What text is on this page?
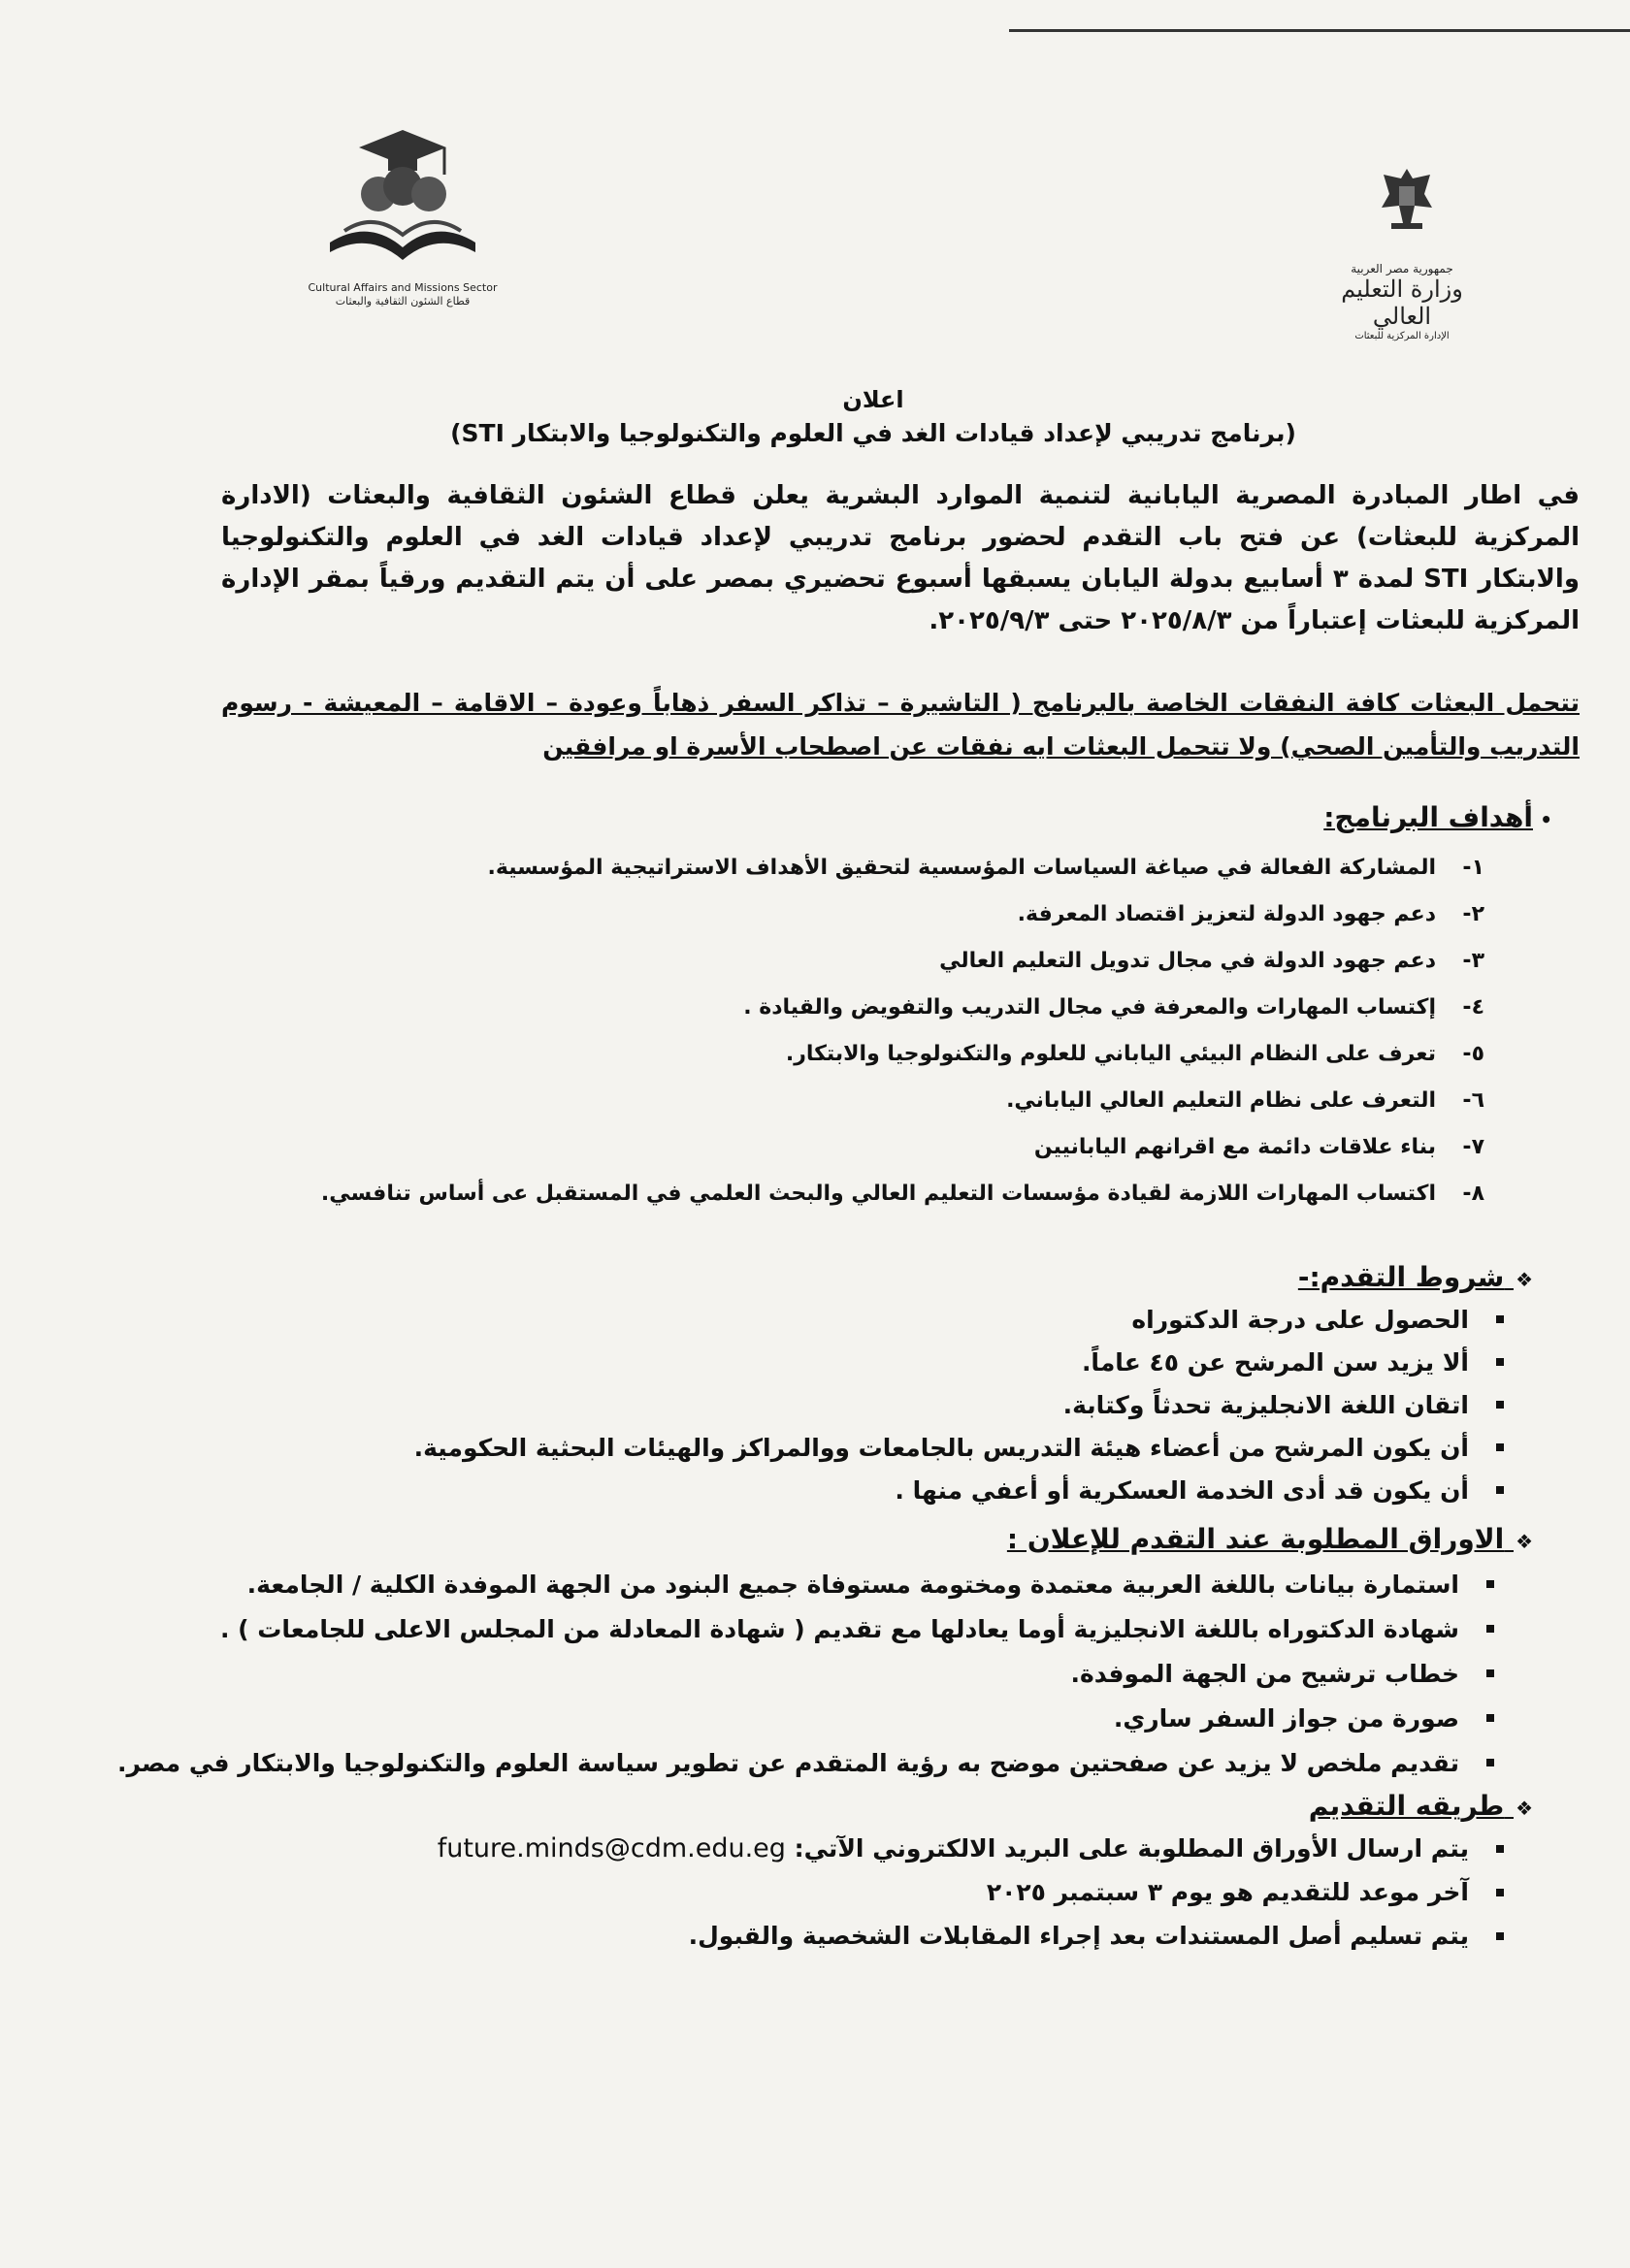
Cultural Affairs and Missions Sector
قطاع الشئون الثقافية والبعثات
جمهورية مصر العربية
وزارة التعليم العالي
الإدارة المركزية للبعثات
اعلان
(برنامج تدريبي لإعداد قيادات الغد في العلوم والتكنولوجيا والابتكار STI)
في اطار المبادرة المصرية اليابانية لتنمية الموارد البشرية يعلن قطاع الشئون الثقافية والبعثات (الادارة المركزية للبعثات) عن فتح باب التقدم لحضور برنامج تدريبي لإعداد قيادات الغد في العلوم والتكنولوجيا والابتكار STI لمدة ٣ أسابيع بدولة اليابان يسبقها أسبوع تحضيري بمصر على أن يتم التقديم ورقياً بمقر الإدارة المركزية للبعثات إعتباراً من ٢٠٢٥/٨/٣ حتى ٢٠٢٥/٩/٣.
تتحمل البعثات كافة النفقات الخاصة بالبرنامج ( التاشيرة – تذاكر السفر ذهاباً وعودة – الاقامة – المعيشة - رسوم التدريب والتأمين الصحي) ولا تتحمل البعثات ايه نفقات عن اصطحاب الأسرة او مرافقين
•أهداف البرنامج:
١-
المشاركة الفعالة في صياغة السياسات المؤسسية لتحقيق الأهداف الاستراتيجية المؤسسية.
٢-
دعم جهود الدولة لتعزيز اقتصاد المعرفة.
٣-
دعم جهود الدولة في مجال تدويل التعليم العالي
٤-
إكتساب المهارات والمعرفة في مجال التدريب والتفويض والقيادة .
٥-
تعرف على النظام البيئي الياباني للعلوم والتكنولوجيا والابتكار.
٦-
التعرف على نظام التعليم العالي الياباني.
٧-
بناء علاقات دائمة مع اقرانهم اليابانيين
٨-
اكتساب المهارات اللازمة لقيادة مؤسسات التعليم العالي والبحث العلمي في المستقبل عى أساس تنافسي.
❖ شروط التقدم:-
الحصول على درجة الدكتوراه
ألا يزيد سن المرشح عن ٤٥ عاماً.
اتقان اللغة الانجليزية تحدثاً وكتابة.
أن يكون المرشح من أعضاء هيئة التدريس بالجامعات ووالمراكز والهيئات البحثية الحكومية.
أن يكون قد أدى الخدمة العسكرية أو أعفي منها .
❖ الاوراق المطلوبة عند التقدم للإعلان :
استمارة بيانات باللغة العربية معتمدة ومختومة مستوفاة جميع البنود من الجهة الموفدة الكلية / الجامعة.
شهادة الدكتوراه باللغة الانجليزية أوما يعادلها مع تقديم ( شهادة المعادلة من المجلس الاعلى للجامعات ) .
خطاب ترشيح من الجهة الموفدة.
صورة من جواز السفر ساري.
تقديم ملخص لا يزيد عن صفحتين موضح به رؤية المتقدم عن تطوير سياسة العلوم والتكنولوجيا والابتكار في مصر.
❖ طريقه التقديم
يتم ارسال الأوراق المطلوبة على البريد الالكتروني الآتي:

future.minds@cdm.edu.eg
آخر موعد للتقديم هو يوم ٣ سبتمبر ٢٠٢٥
يتم تسليم أصل المستندات بعد إجراء المقابلات الشخصية والقبول.
